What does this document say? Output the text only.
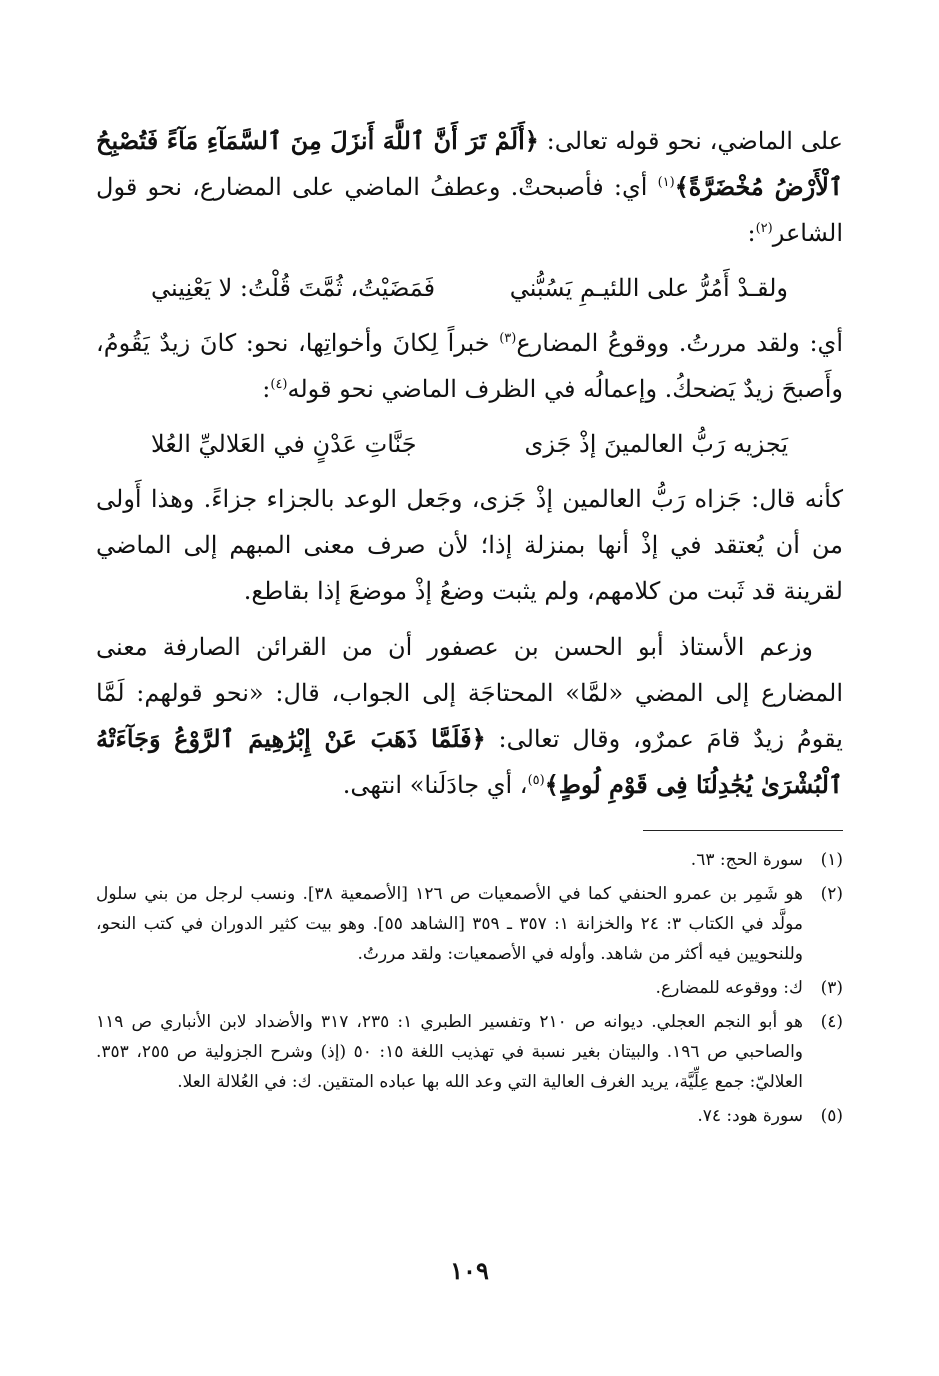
على الماضي، نحو قوله تعالى: ﴿أَلَمْ تَرَ أَنَّ ٱللَّهَ أَنزَلَ مِنَ ٱلسَّمَآءِ مَآءً فَتُصْبِحُ ٱلْأَرْضُ مُخْضَرَّةً﴾$^{(١)}$ أي: فأصبحتْ. وعطفُ الماضي على المضارع، نحو قول الشاعر$^{(٢)}$:

ولقـدْ أَمُرُّ على اللئيـمِ يَسُبُّني
فَمَضَيْتُ، ثُمَّتَ قُلْتُ: لا يَعْنِيني

أي: ولقد مررتُ. ووقوعُ المضارع$^{(٣)}$ خبراً لِكانَ وأخواتِها، نحو: كانَ زيدٌ يَقُومُ، وأَصبحَ زيدٌ يَضحكُ. وإعمالُه في الظرف الماضي نحو قوله$^{(٤)}$:

يَجزيه رَبُّ العالمينَ إذْ جَزى
جَنَّاتِ عَدْنٍ في العَلاليِّ العُلا

كأنه قال: جَزاه رَبُّ العالمين إذْ جَزى، وجَعل الوعد بالجزاء جزاءً. وهذا أَولى من أن يُعتقد في إذْ أنها بمنزلة إذا؛ لأن صرف معنى المبهم إلى الماضي لقرينة قد ثَبت من كلامهم، ولم يثبت وضعُ إذْ موضعَ إذا بقاطع.

وزعم الأستاذ أبو الحسن بن عصفور أن من القرائن الصارفة معنى المضارع إلى المضي «لمَّا» المحتاجَة إلى الجواب، قال: «نحو قولهم: لَمَّا يقومُ زيدٌ قامَ عمرٌو، وقال تعالى: ﴿فَلَمَّا ذَهَبَ عَنْ إِبْرَٰهِيمَ ٱلرَّوْعُ وَجَآءَتْهُ ٱلْبُشْرَىٰ يُجَٰدِلُنَا فِى قَوْمِ لُوطٍ﴾$^{(٥)}$، أي جادَلَنا» انتهى.

(١)
سورة الحج: ٦٣.
(٢)
هو شَمِر بن عمرو الحنفي كما في الأصمعيات ص ١٢٦ [الأصمعية ٣٨]. ونسب لرجل من بني سلول مولَّد في الكتاب ٣: ٢٤ والخزانة ١: ٣٥٧ ـ ٣٥٩ [الشاهد ٥٥]. وهو بيت كثير الدوران في كتب النحو، وللنحويين فيه أكثر من شاهد. وأوله في الأصمعيات: ولقد مررتُ.
(٣)
ك: ووقوعه للمضارع.
(٤)
هو أبو النجم العجلي. ديوانه ص ٢١٠ وتفسير الطبري ١: ٢٣٥، ٣١٧ والأضداد لابن الأنباري ص ١١٩ والصاحبي ص ١٩٦. والبيتان بغير نسبة في تهذيب اللغة ١٥: ٥٠ (إذ) وشرح الجزولية ص ٢٥٥، ٣٥٣. العلاليّ: جمع عِلِّيَّة، يريد الغرف العالية التي وعد الله بها عباده المتقين. ك: في العُلالة العلا.
(٥)
سورة هود: ٧٤.
١٠٩
